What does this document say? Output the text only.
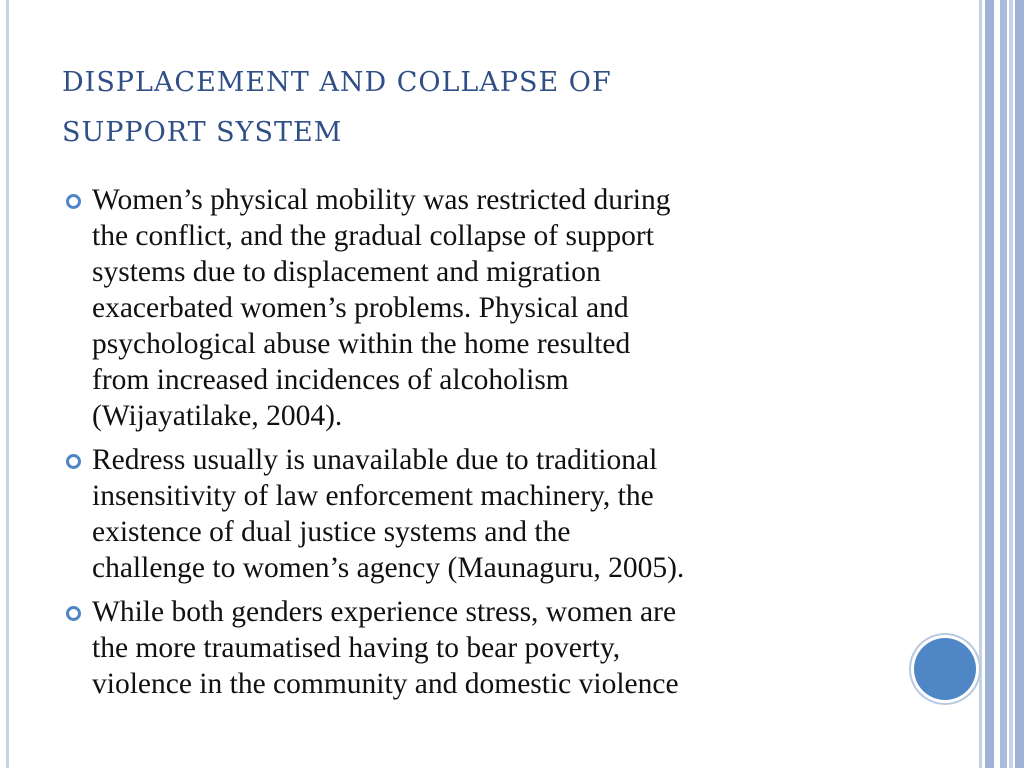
DISPLACEMENT AND COLLAPSE OF
SUPPORT SYSTEM
Women’s physical mobility was restricted during
the conflict, and the gradual collapse of support
systems due to displacement and migration
exacerbated women’s problems. Physical and
psychological abuse within the home resulted
from increased incidences of alcoholism
(Wijayatilake, 2004).
Redress usually is unavailable due to traditional
insensitivity of law enforcement machinery, the
existence of dual justice systems and the
challenge to women’s agency (Maunaguru, 2005).
While both genders experience stress, women are
the more traumatised having to bear poverty,
violence in the community and domestic violence
